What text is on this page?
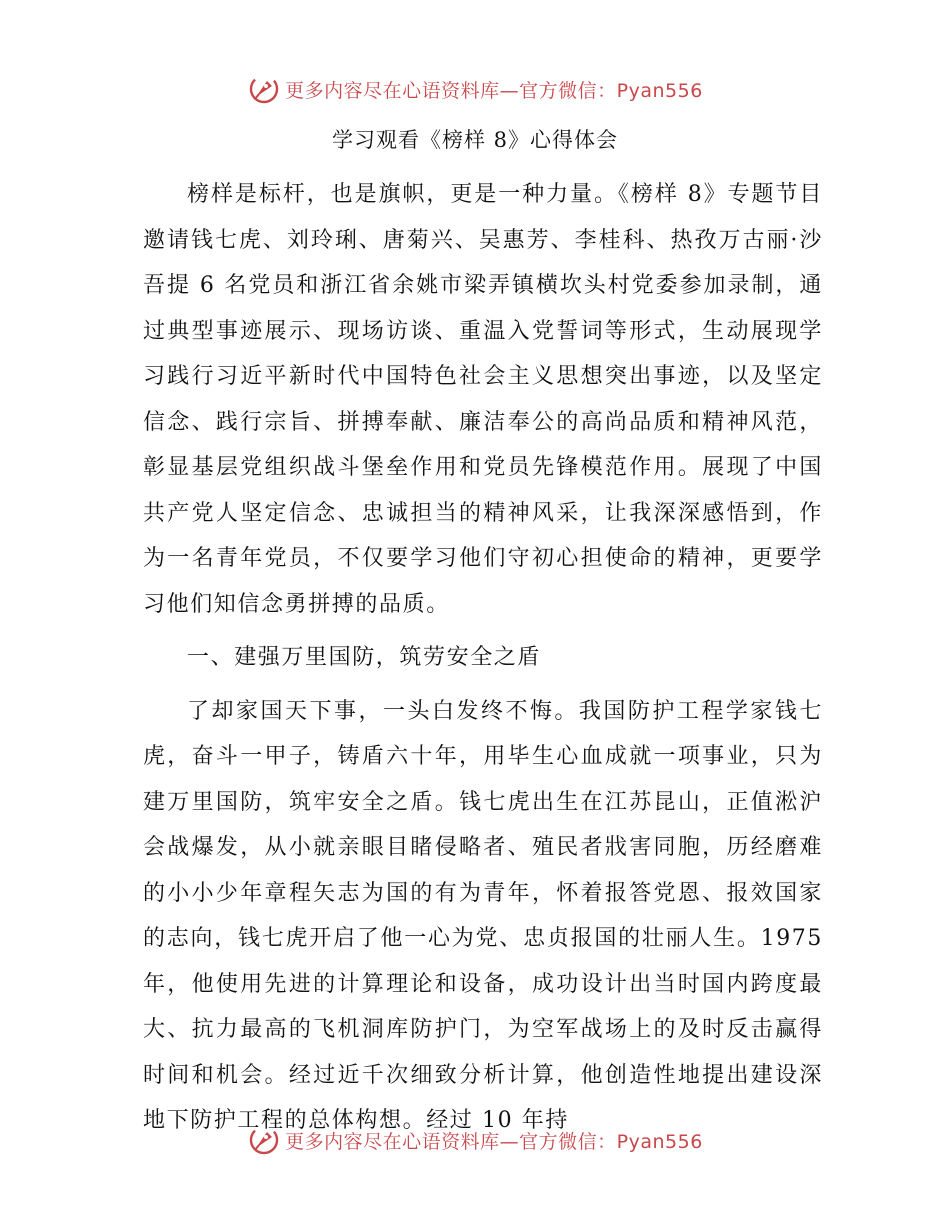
更多内容尽在心语资料库—官方微信：Pyan556
学习观看《榜样 8》心得体会

榜样是标杆，也是旗帜，更是一种力量。《榜样 8》专题节目邀请钱七虎、刘玲琍、唐菊兴、吴惠芳、李桂科、热孜万古丽·沙吾提 6 名党员和浙江省余姚市梁弄镇横坎头村党委参加录制，通过典型事迹展示、现场访谈、重温入党誓词等形式，生动展现学习践行习近平新时代中国特色社会主义思想突出事迹，以及坚定信念、践行宗旨、拼搏奉献、廉洁奉公的高尚品质和精神风范，彰显基层党组织战斗堡垒作用和党员先锋模范作用。展现了中国共产党人坚定信念、忠诚担当的精神风采，让我深深感悟到，作为一名青年党员，不仅要学习他们守初心担使命的精神，更要学习他们知信念勇拼搏的品质。

一、建强万里国防，筑劳安全之盾

了却家国天下事，一头白发终不悔。我国防护工程学家钱七虎，奋斗一甲子，铸盾六十年，用毕生心血成就一项事业，只为建万里国防，筑牢安全之盾。钱七虎出生在江苏昆山，正值淞沪会战爆发，从小就亲眼目睹侵略者、殖民者戕害同胞，历经磨难的小小少年章程矢志为国的有为青年，怀着报答党恩、报效国家的志向，钱七虎开启了他一心为党、忠贞报国的壮丽人生。1975 年，他使用先进的计算理论和设备，成功设计出当时国内跨度最大、抗力最高的飞机洞库防护门，为空军战场上的及时反击赢得时间和机会。经过近千次细致分析计算，他创造性地提出建设深地下防护工程的总体构想。经过 10 年持

更多内容尽在心语资料库—官方微信：Pyan556
